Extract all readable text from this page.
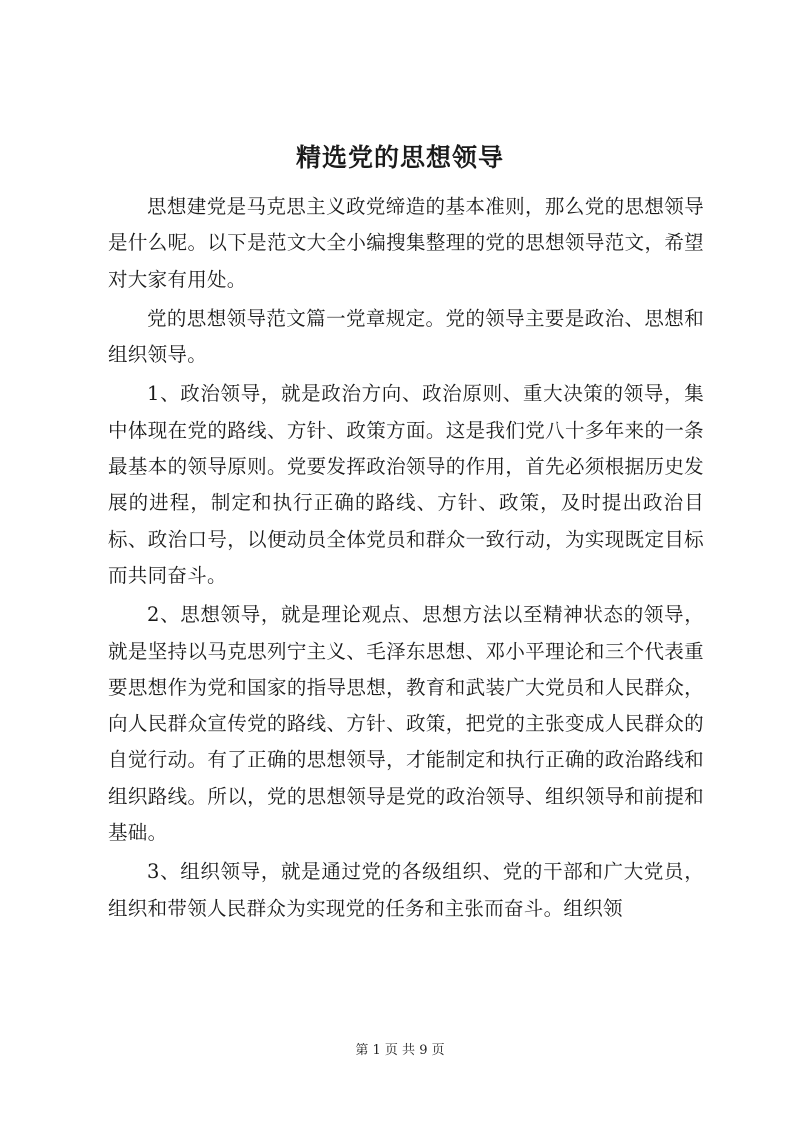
精选党的思想领导

思想建党是马克思主义政党缔造的基本准则，那么党的思想领导是什么呢。以下是范文大全小编搜集整理的党的思想领导范文，希望对大家有用处。

党的思想领导范文篇一党章规定。党的领导主要是政治、思想和组织领导。

1、政治领导，就是政治方向、政治原则、重大决策的领导，集中体现在党的路线、方针、政策方面。这是我们党八十多年来的一条最基本的领导原则。党要发挥政治领导的作用，首先必须根据历史发展的进程，制定和执行正确的路线、方针、政策，及时提出政治目标、政治口号，以便动员全体党员和群众一致行动，为实现既定目标而共同奋斗。

2、思想领导，就是理论观点、思想方法以至精神状态的领导，就是坚持以马克思列宁主义、毛泽东思想、邓小平理论和三个代表重要思想作为党和国家的指导思想，教育和武装广大党员和人民群众，向人民群众宣传党的路线、方针、政策，把党的主张变成人民群众的自觉行动。有了正确的思想领导，才能制定和执行正确的政治路线和组织路线。所以，党的思想领导是党的政治领导、组织领导和前提和基础。

3、组织领导，就是通过党的各级组织、党的干部和广大党员，组织和带领人民群众为实现党的任务和主张而奋斗。组织领

第 1 页 共 9 页
